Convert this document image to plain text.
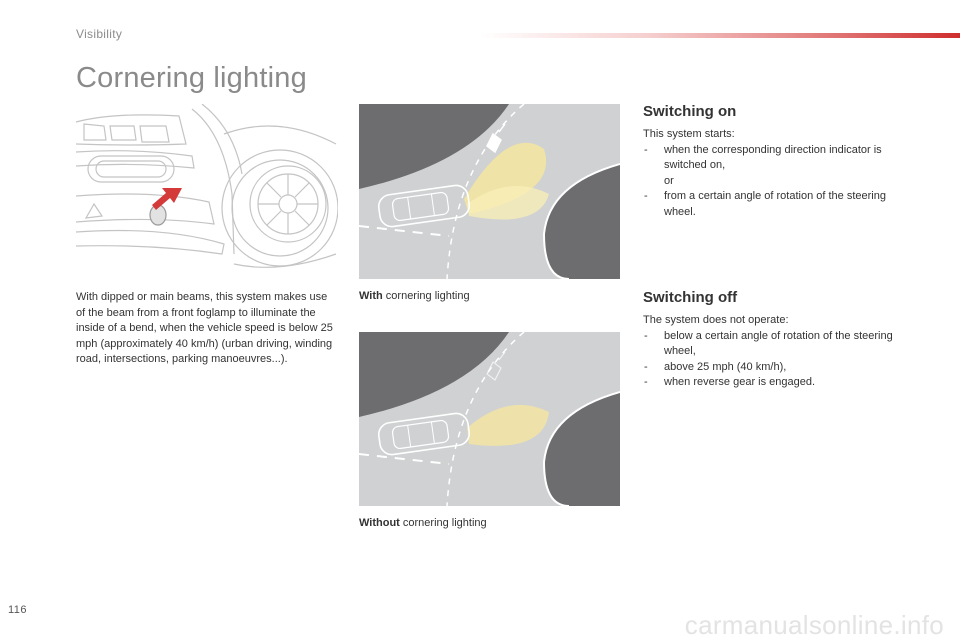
Visibility
Cornering lighting

With dipped or main beams, this system makes use of the beam from a front foglamp to illuminate the inside of a bend, when the vehicle speed is below 25 mph (approximately 40 km/h) (urban driving, winding road, intersections, parking manoeuvres...).

With cornering lighting
Without cornering lighting
Switching on
This system starts:
- when the corresponding direction indicator is switched on,
or
- from a certain angle of rotation of the steering wheel.
Switching off
The system does not operate:
- below a certain angle of rotation of the steering wheel,
- above 25 mph (40 km/h),
- when reverse gear is engaged.
116	carmanualsonline.info
